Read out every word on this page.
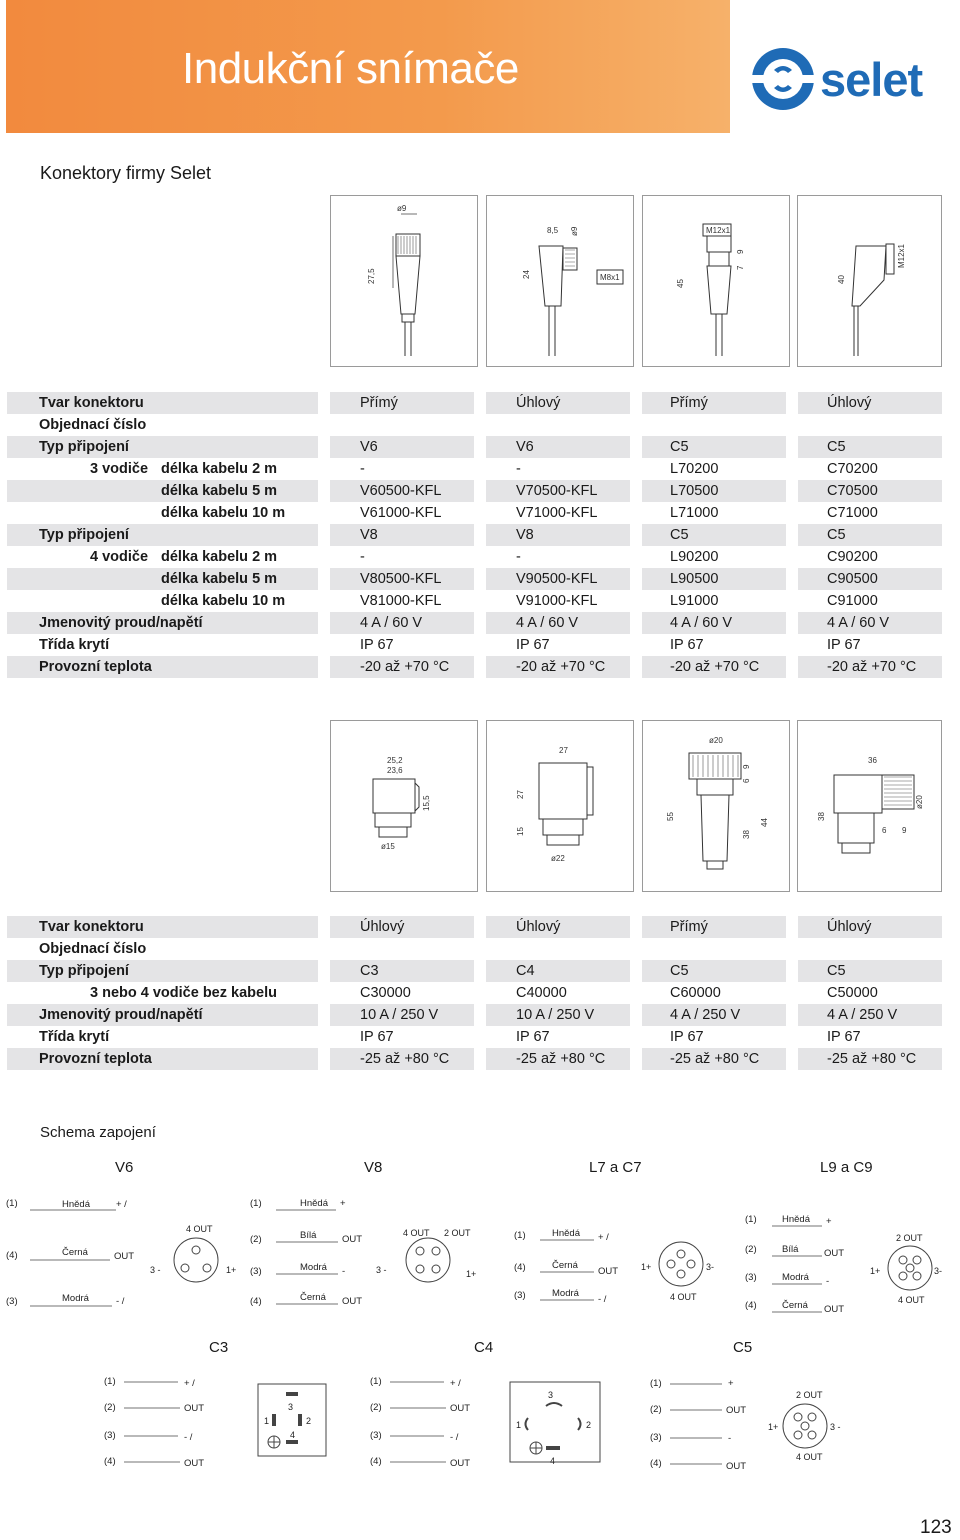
Indukční snímače	selet
Konektory firmy Selet
ø9
27,5
8,5 ø9
24	M8x1
M12x1
9
7
45	40
M12x1
Tvar konektoru	Přímý	Úhlový	Přímý	Úhlový
Objednací číslo
Typ připojení	V6	V6	C5	C5
3 vodiče délka kabelu 2 m	-	-	L70200	C70200
délka kabelu 5 m	V60500-KFL	V70500-KFL	L70500	C70500
délka kabelu 10 m	V61000-KFL	V71000-KFL	L71000	C71000
Typ připojení	V8	V8	C5	C5
4 vodiče délka kabelu 2 m	-	-	L90200	C90200
délka kabelu 5 m	V80500-KFL	V90500-KFL	L90500	C90500
délka kabelu 10 m	V81000-KFL	V91000-KFL	L91000	C91000
Jmenovitý proud/napětí	4 A / 60 V	4 A / 60 V	4 A / 60 V	4 A / 60 V
Třída krytí	IP 67	IP 67	IP 67	IP 67
Provozní teplota	-20 až +70 °C	-20 až +70 °C	-20 až +70 °C	-20 až +70 °C
25,2
23,6
15,5
ø15
27
27
15
ø22
ø20
9
6
55
38
44
36
ø20
38
6 9
Tvar konektoru	Úhlový	Úhlový	Přímý	Úhlový
Objednací číslo
Typ připojení	C3	C4	C5	C5
3 nebo 4 vodiče bez kabelu	C30000	C40000	C60000	C50000
Jmenovitý proud/napětí	10 A / 250 V	10 A / 250 V	4 A / 250 V	4 A / 250 V
Třída krytí	IP 67	IP 67	IP 67	IP 67
Provozní teplota	-25 až +80 °C	-25 až +80 °C	-25 až +80 °C	-25 až +80 °C
Schema zapojení
V6	V8	L7 a C7	L9 a C9
(1)	Hnědá	+ /
(4)	Černá	OUT
(3)	Modrá	- /
4 OUT
3 -	1+
(1)	Hnědá +
(2)	Bílá	OUT
(3)	Modrá -
(4)	Černá OUT
4 OUT 2 OUT
3 -	1+
(1)	Hnědá + /
(4)	Černá
OUT
(3)	Modrá
- /
1+	3-
4 OUT
(1)	Hnědá +
(2)	Bílá	OUT
(3)	Modrá -
(4)	Černá OUT
2 OUT
1+	3-
4 OUT
C3	C4	C5
(1)	+ /
(2)	OUT
(3)	- /
(4)	OUT
3
1	2
4
(1)	+ /
(2)	OUT
(3)	- /
(4)	OUT
3
1	2
4
(1)	+
(2)	OUT
(3)	-
(4)	OUT
2 OUT
1+	3 -
4 OUT
123
